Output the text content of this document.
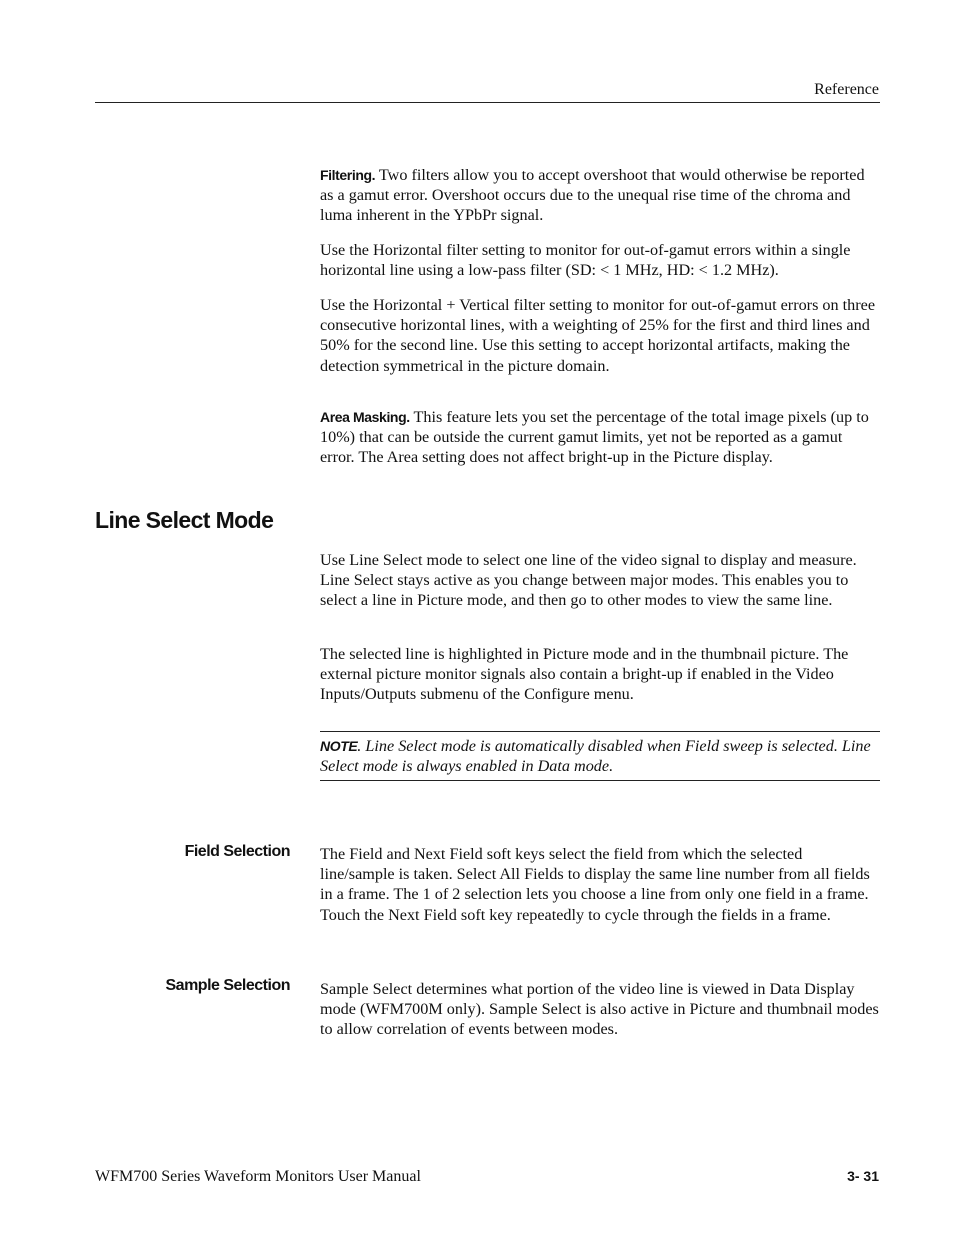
Reference

Filtering. Two filters allow you to accept overshoot that would otherwise be reported as a gamut error. Overshoot occurs due to the unequal rise time of the chroma and luma inherent in the YPbPr signal.

Use the Horizontal filter setting to monitor for out-of-gamut errors within a single horizontal line using a low-pass filter (SD: < 1 MHz, HD: < 1.2 MHz).

Use the Horizontal + Vertical filter setting to monitor for out-of-gamut errors on three consecutive horizontal lines, with a weighting of 25% for the first and third lines and 50% for the second line. Use this setting to accept horizontal artifacts, making the detection symmetrical in the picture domain.

Area Masking. This feature lets you set the percentage of the total image pixels (up to 10%) that can be outside the current gamut limits, yet not be reported as a gamut error. The Area setting does not affect bright-up in the Picture display.

Line Select Mode

Use Line Select mode to select one line of the video signal to display and measure. Line Select stays active as you change between major modes. This enables you to select a line in Picture mode, and then go to other modes to view the same line.

The selected line is highlighted in Picture mode and in the thumbnail picture. The external picture monitor signals also contain a bright-up if enabled in the Video Inputs/Outputs submenu of the Configure menu.

NOTE. Line Select mode is automatically disabled when Field sweep is selected. Line Select mode is always enabled in Data mode.

Field Selection The Field and Next Field soft keys select the field from which the selected line/sample is taken. Select All Fields to display the same line number from all fields in a frame. The 1 of 2 selection lets you choose a line from only one field in a frame. Touch the Next Field soft key repeatedly to cycle through the fields in a frame.

Sample Selection Sample Select determines what portion of the video line is viewed in Data Display mode (WFM700M only). Sample Select is also active in Picture and thumbnail modes to allow correlation of events between modes.

WFM700 Series Waveform Monitors User Manual	3- 31
